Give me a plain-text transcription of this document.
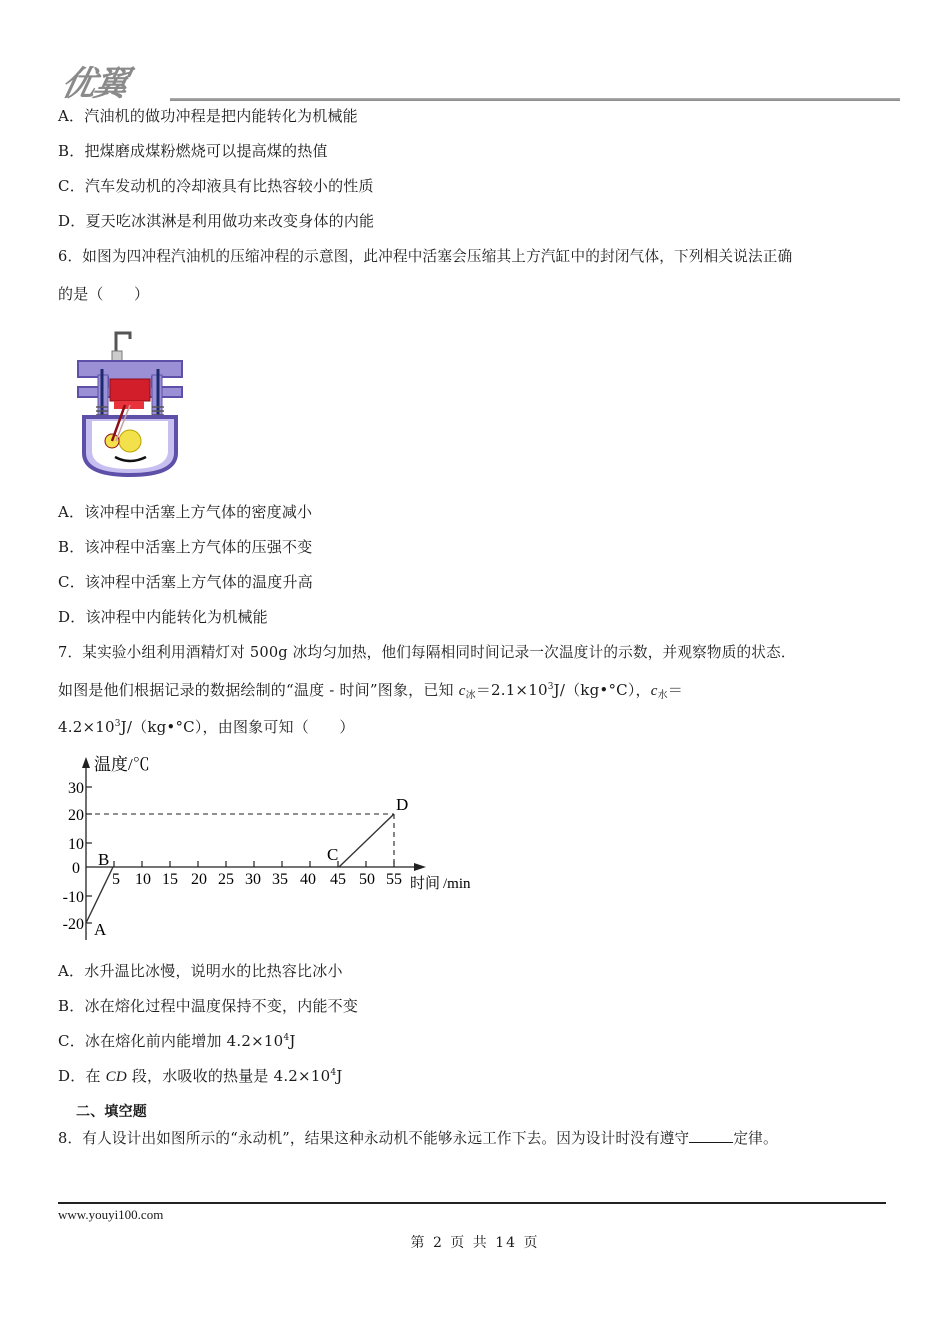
优翼
A．汽油机的做功冲程是把内能转化为机械能
B．把煤磨成煤粉燃烧可以提高煤的热值
C．汽车发动机的冷却液具有比热容较小的性质
D．夏天吃冰淇淋是利用做功来改变身体的内能
6．如图为四冲程汽油机的压缩冲程的示意图，此冲程中活塞会压缩其上方汽缸中的封闭气体，下列相关说法正确
的是（　　）
A．该冲程中活塞上方气体的密度减小
B．该冲程中活塞上方气体的压强不变
C．该冲程中活塞上方气体的温度升高
D．该冲程中内能转化为机械能
7．某实验小组利用酒精灯对 500g 冰均匀加热，他们每隔相同时间记录一次温度计的示数，并观察物质的状态．
如图是他们根据记录的数据绘制的“温度 - 时间”图象，已知 $c_冰=2.1\times 10^3J/(kg•^\circ C)$，$c_水=$
$4.2\times 10^3J/(kg•^\circ C)$，由图象可知（　　）
温度/℃
时间 /min
30
20
10
0
-10
-20
5 10 15 20 25 30 35 40 45 50 55
A
B	C
D
A．水升温比冰慢，说明水的比热容比冰小
B．冰在熔化过程中温度保持不变，内能不变
C．冰在熔化前内能增加 $4.2\times 10^4J$
D．在 CD 段，水吸收的热量是 $4.2\times 10^4J$
二、填空题
8．有人设计出如图所示的“永动机”，结果这种永动机不能够永远工作下去。因为设计时没有遵守	定律。
www.youyi100.com
第 2 页 共 14 页
